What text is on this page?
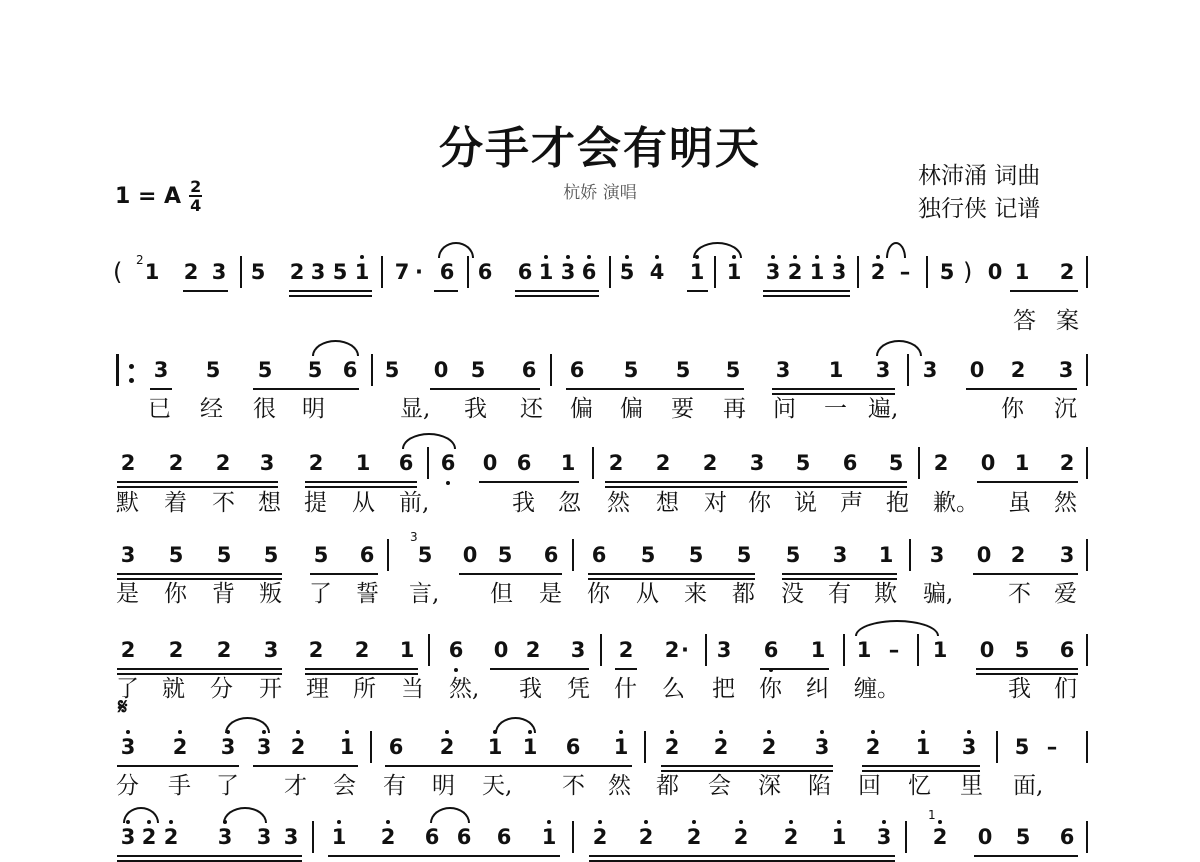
分手才会有明天
杭娇 演唱
林沛涌 词曲
独行侠 记谱
1 = A $\frac{2}{4}$
( 2 1 2 3 5 2 3 5 1 7 · 6 6 6 1 3 6 5 4 1 1 3 2 1 3 2 – 5 0 1 2
)
答 案
3 5 5 5 6 5 0 5 6 6 5 5 5 3 1 3 3 0 2 3
已 经 很 明	显, 我 还 偏 偏 要 再 问 一 遍,	你 沉
2 2 2 3 2 1 6 6 0 6 1 2 2 2 3 5 6 5 2 0 1 2
默 着 不 想 提 从 前,	我 忽 然 想 对 你 说 声 抱 歉。 虽 然
3
3 5 5 5 5 6 5 0 5 6 6 5 5 5 5 3 1 3 0 2 3
是 你 背 叛 了 誓 言, 但 是 你 从 来 都 没 有 欺 骗, 不 爱
2 2 2 3 2 2 1 6 0 2 3 2 2 ·	3 6 1 1 – 1 0 5 6
了 就 分 开 理 所 当 然, 我 凭 什 么 把 你 纠 缠。	我 们
𝄋
3 2 3 3 2 1 6 2 1 1 6 1 2 2 2 3 2 1 3 5 –
分 手 了 才 会 有 明 天, 不 然 都 会 深 陷 回 忆 里 面,
1
3 2 2 3 3 3 1 2 6 6 6 1 2 2 2 2 2 1 3 2 0 5 6
